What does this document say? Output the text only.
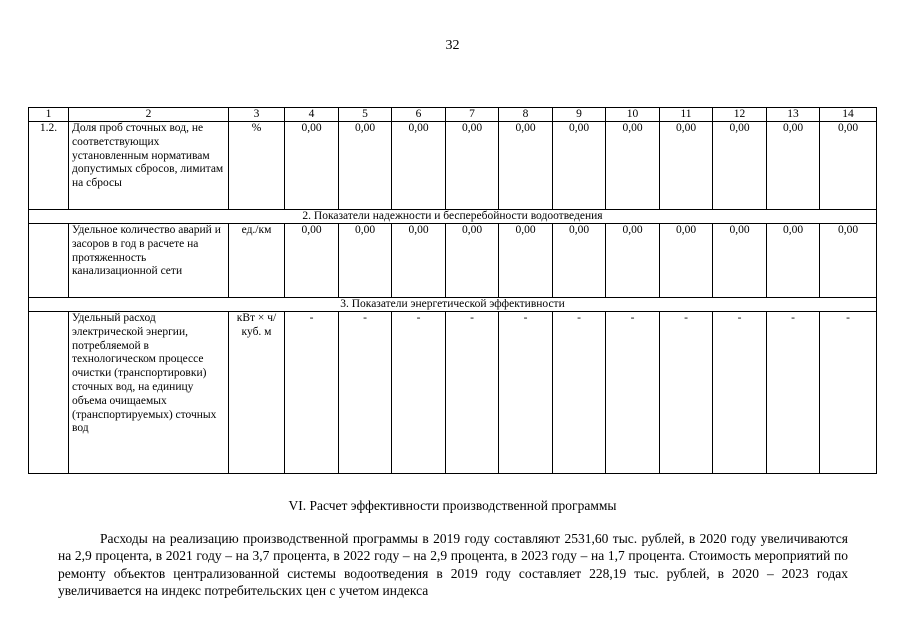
32
1	2	3	4	5	6	7	8	9	10	11	12	13	14
1.2.	Доля проб сточных вод, не соответствующих установленным нормативам допустимых сбросов, лимитам на сбросы	%	0,00	0,00	0,00	0,00	0,00	0,00	0,00	0,00	0,00	0,00	0,00
2. Показатели надежности и бесперебойности водоотведения													
	Удельное количество аварий и засоров в год в расчете на протяженность канализационной сети	ед./км	0,00	0,00	0,00	0,00	0,00	0,00	0,00	0,00	0,00	0,00	0,00
3. Показатели энергетической эффективности													
	Удельный расход электрической энергии, потребляемой в технологическом процессе очистки (транспортировки) сточных вод, на единицу объема очищаемых (транспортируемых) сточных вод	кВт × ч/ куб. м	-	-	-	-	-	-	-	-	-	-	-
VI. Расчет эффективности производственной программы
Расходы на реализацию производственной программы в 2019 году составляют 2531,60 тыс. рублей, в 2020 году увеличиваются на 2,9 процента, в 2021 году – на 3,7 процента, в 2022 году – на 2,9 процента, в 2023 году – на 1,7 процента. Стоимость мероприятий по ремонту объектов централизованной системы водоотведения в 2019 году составляет 228,19 тыс. рублей, в 2020 – 2023 годах увеличивается на индекс потребительских цен с учетом индекса
